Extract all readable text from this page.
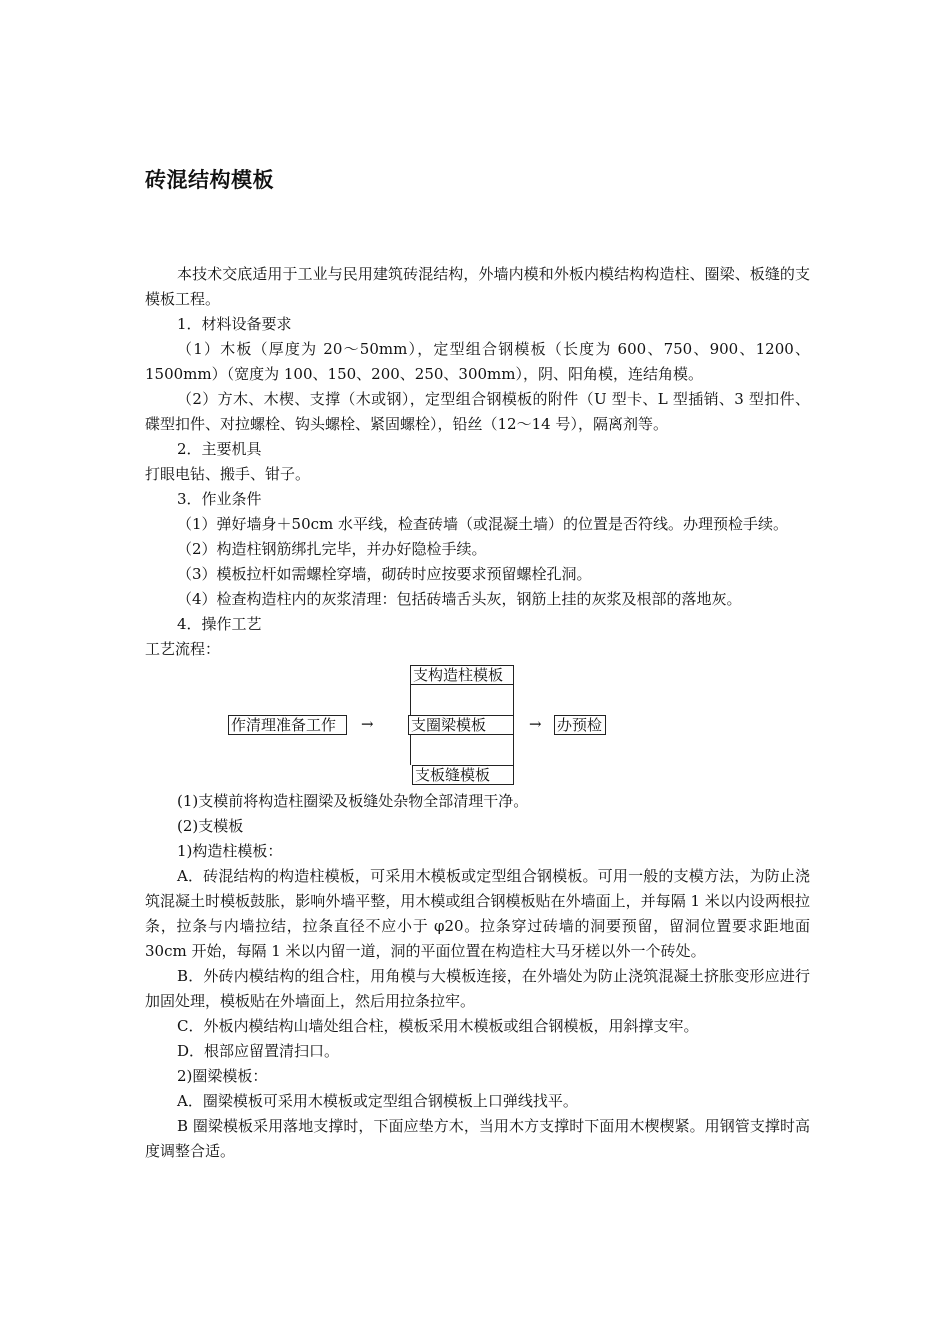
砖混结构模板

本技术交底适用于工业与民用建筑砖混结构，外墙内模和外板内模结构构造柱、圈梁、板缝的支模板工程。

1．材料设备要求

（1）木板（厚度为 20～50mm），定型组合钢模板（长度为 600、750、900、1200、1500mm）（宽度为 100、150、200、250、300mm），阴、阳角模，连结角模。

（2）方木、木楔、支撑（木或钢），定型组合钢模板的附件（U 型卡、L 型插销、3 型扣件、碟型扣件、对拉螺栓、钩头螺栓、紧固螺栓），铅丝（12～14 号），隔离剂等。

2．主要机具

打眼电钻、搬手、钳子。

3．作业条件

（1）弹好墙身＋50cm 水平线，检查砖墙（或混凝土墙）的位置是否符线。办理预检手续。

（2）构造柱钢筋绑扎完毕，并办好隐检手续。

（3）模板拉杆如需螺栓穿墙，砌砖时应按要求预留螺栓孔洞。

（4）检查构造柱内的灰浆清理：包括砖墙舌头灰，钢筋上挂的灰浆及根部的落地灰。

4．操作工艺

工艺流程：

支构造柱模板
作清理准备工作	→ 支圈梁模板	→ 办预检
支板缝模板

(1)支模前将构造柱圈梁及板缝处杂物全部清理干净。

(2)支模板

1)构造柱模板：

A．砖混结构的构造柱模板，可采用木模板或定型组合钢模板。可用一般的支模方法，为防止浇筑混凝土时模板鼓胀，影响外墙平整，用木模或组合钢模板贴在外墙面上，并每隔 1 米以内设两根拉条，拉条与内墙拉结，拉条直径不应小于 φ20。拉条穿过砖墙的洞要预留，留洞位置要求距地面 30cm 开始，每隔 1 米以内留一道，洞的平面位置在构造柱大马牙槎以外一个砖处。

B．外砖内模结构的组合柱，用角模与大模板连接，在外墙处为防止浇筑混凝土挤胀变形应进行加固处理，模板贴在外墙面上，然后用拉条拉牢。

C．外板内模结构山墙处组合柱，模板采用木模板或组合钢模板，用斜撑支牢。

D．根部应留置清扫口。

2)圈梁模板：

A．圈梁模板可采用木模板或定型组合钢模板上口弹线找平。

B 圈梁模板采用落地支撑时，下面应垫方木，当用木方支撑时下面用木楔楔紧。用钢管支撑时高度调整合适。
